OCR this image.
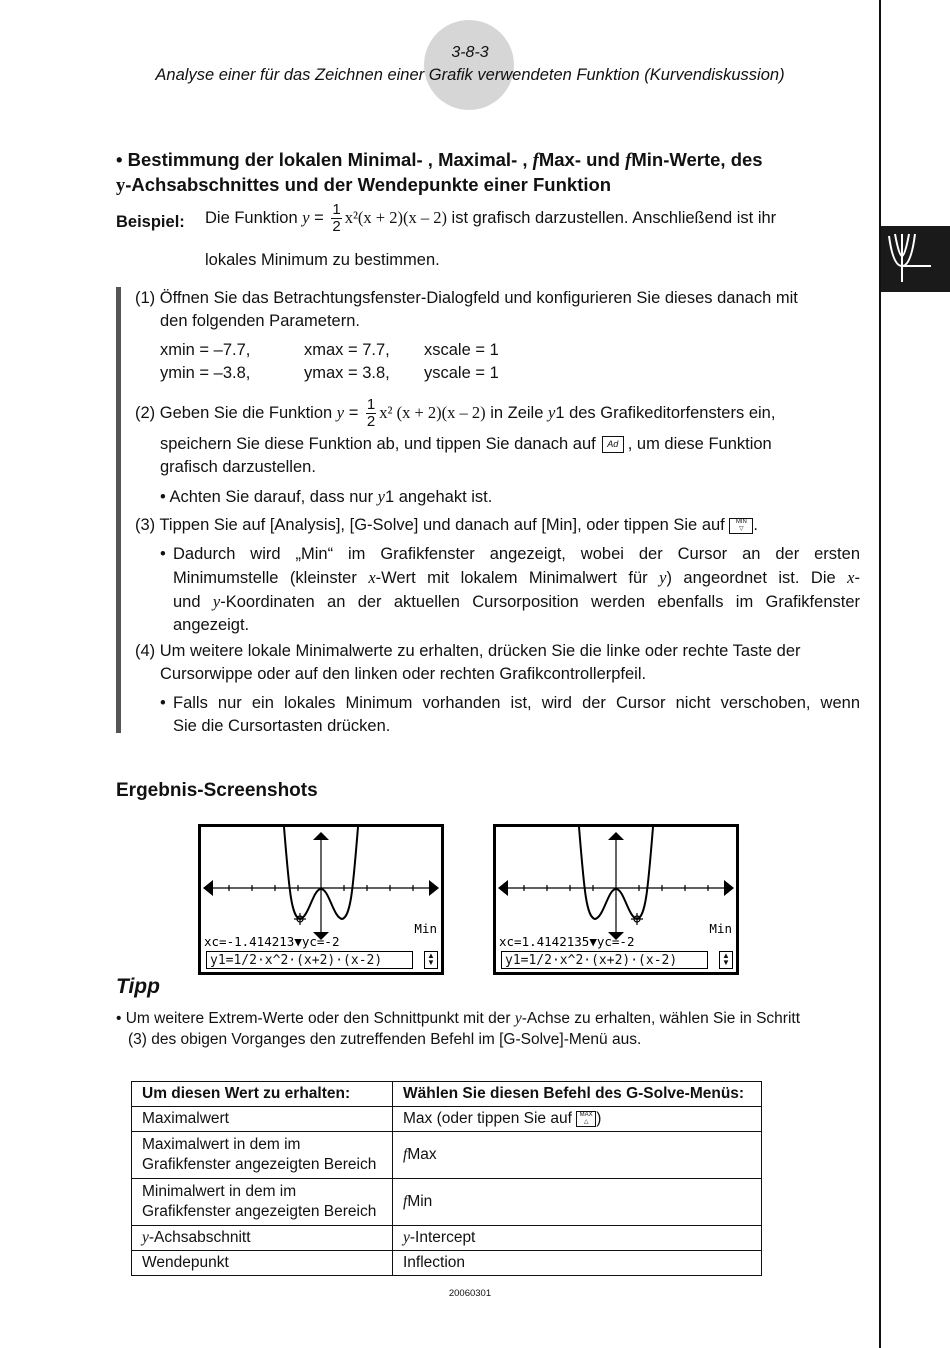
3-8-3
Analyse einer für das Zeichnen einer Grafik verwendeten Funktion (Kurvendiskussion)
• Bestimmung der lokalen Minimal- , Maximal- , fMax- und fMin-Werte, des
y-Achsabschnittes und der Wendepunkte einer Funktion
Beispiel: Die Funktion $y = \frac{1}{2} x^2(x + 2)(x - 2)$ ist grafisch darzustellen. Anschließend ist ihr
lokales Minimum zu bestimmen.
(1) Öffnen Sie das Betrachtungsfenster-Dialogfeld und konfigurieren Sie dieses danach mit
den folgenden Parametern.
xmin = –7.7,	xmax = 7.7, xscale = 1
ymin = –3.8,	ymax = 3.8, yscale = 1
(2) Geben Sie die Funktion $y = \frac{1}{2} x^2$ (x + 2)(x – 2) in Zeile y1 des Grafikeditorfensters ein,
speichern Sie diese Funktion ab, und tippen Sie danach auf	Ad , um diese Funktion
grafisch darzustellen.
• Achten Sie darauf, dass nur y1 angehakt ist.
(3) Tippen Sie auf [Analysis], [G-Solve] und danach auf [Min], oder tippen Sie auf MIN
▽ .
• Dadurch wird „Min“ im Grafikfenster angezeigt, wobei der Cursor an der ersten
Minimumstelle (kleinster x-Wert mit lokalem Minimalwert für y) angeordnet ist. Die x-
und y-Koordinaten an der aktuellen Cursorposition werden ebenfalls im Grafikfenster
angezeigt.
(4) Um weitere lokale Minimalwerte zu erhalten, drücken Sie die linke oder rechte Taste der
Cursorwippe oder auf den linken oder rechten Grafikcontrollerpfeil.
• Falls nur ein lokales Minimum vorhanden ist, wird der Cursor nicht verschoben, wenn
Sie die Cursortasten drücken.
Ergebnis-Screenshots
Min
xc=-1.414213▼yc=-2
y1=1/2·x^2·(x+2)·(x-2)	▲
▼
Min
xc=1.4142135▼yc=-2
y1=1/2·x^2·(x+2)·(x-2)	▲
▼
Tipp
• Um weitere Extrem-Werte oder den Schnittpunkt mit der y-Achse zu erhalten, wählen Sie in Schritt
(3) des obigen Vorganges den zutreffenden Befehl im [G-Solve]-Menü aus.
Um diesen Wert zu erhalten:	Wählen Sie diesen Befehl des G-Solve-Menüs:
Maximalwert	Max (oder tippen Sie auf MAX
△ )
Maximalwert in dem im
Grafikfenster angezeigten Bereich	fMax
Minimalwert in dem im
Grafikfenster angezeigten Bereich	fMin
y-Achsabschnitt	y-Intercept
Wendepunkt	Inflection
20060301
